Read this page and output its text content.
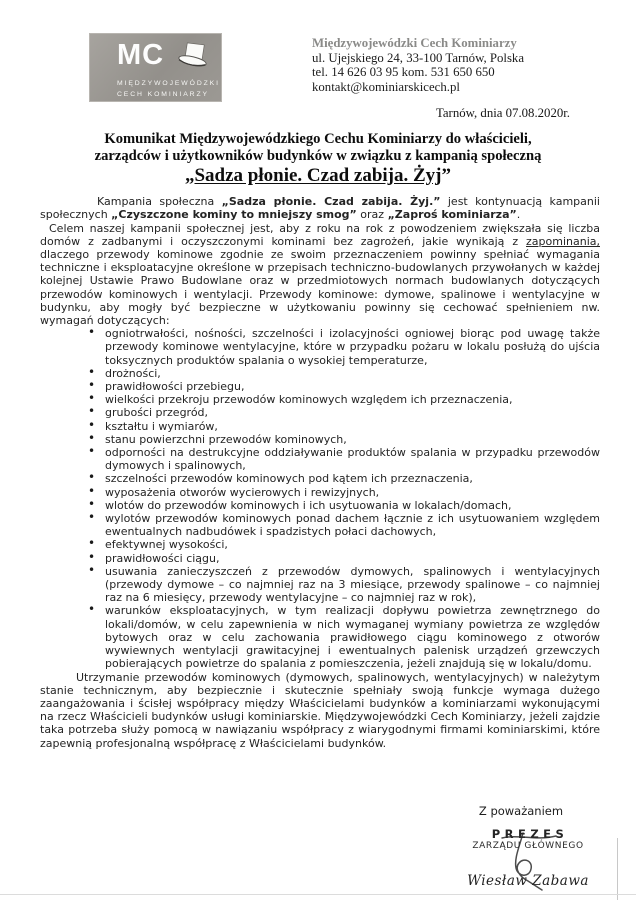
MC
MIĘDZYWOJEWÓDZKI
CECH KOMINIARZY
Międzywojewódzki Cech Kominiarzy
ul. Ujejskiego 24, 33-100 Tarnów, Polska
tel. 14 626 03 95 kom. 531 650 650
kontakt@kominiarskicech.pl
Tarnów, dnia 07.08.2020r.
Komunikat Międzywojewódzkiego Cechu Kominiarzy do właścicieli,
zarządców i użytkowników budynków w związku z kampanią społeczną
„Sadza płonie. Czad zabija. Żyj”

Kampania społeczna „Sadza płonie. Czad zabija. Żyj.” jest kontynuacją kampanii społecznych „Czyszczone kominy to mniejszy smog” oraz „Zaproś kominiarza”.

Celem naszej kampanii społecznej jest, aby z roku na rok z powodzeniem zwiększała się liczba domów z zadbanymi i oczyszczonymi kominami bez zagrożeń, jakie wynikają z zapominania, dlaczego przewody kominowe zgodnie ze swoim przeznaczeniem powinny spełniać wymagania techniczne i eksploatacyjne określone w przepisach techniczno-budowlanych przywołanych w każdej kolejnej Ustawie Prawo Budowlane oraz w przedmiotowych normach budowlanych dotyczących przewodów kominowych i wentylacji. Przewody kominowe: dymowe, spalinowe i wentylacyjne w budynku, aby mogły być bezpieczne w użytkowaniu powinny się cechować spełnieniem nw. wymagań dotyczących:

• ogniotrwałości, nośności, szczelności i izolacyjności ogniowej biorąc pod uwagę także przewody kominowe wentylacyjne, które w przypadku pożaru w lokalu posłużą do ujścia toksycznych produktów spalania o wysokiej temperaturze,
• drożności,
• prawidłowości przebiegu,
• wielkości przekroju przewodów kominowych względem ich przeznaczenia,
• grubości przegród,
• kształtu i wymiarów,
• stanu powierzchni przewodów kominowych,
• odporności na destrukcyjne oddziaływanie produktów spalania w przypadku przewodów dymowych i spalinowych,
• szczelności przewodów kominowych pod kątem ich przeznaczenia,
• wyposażenia otworów wycierowych i rewizyjnych,
• wlotów do przewodów kominowych i ich usytuowania w lokalach/domach,
• wylotów przewodów kominowych ponad dachem łącznie z ich usytuowaniem względem ewentualnych nadbudówek i spadzistych połaci dachowych,
• efektywnej wysokości,
• prawidłowości ciągu,
• usuwania zanieczyszczeń z przewodów dymowych, spalinowych i wentylacyjnych (przewody dymowe – co najmniej raz na 3 miesiące, przewody spalinowe – co najmniej raz na 6 miesięcy, przewody wentylacyjne – co najmniej raz w rok),
• warunków eksploatacyjnych, w tym realizacji dopływu powietrza zewnętrznego do lokali/domów, w celu zapewnienia w nich wymaganej wymiany powietrza ze względów bytowych oraz w celu zachowania prawidłowego ciągu kominowego z otworów wywiewnych wentylacji grawitacyjnej i ewentualnych palenisk urządzeń grzewczych pobierających powietrze do spalania z pomieszczenia, jeżeli znajdują się w lokalu/domu.

Utrzymanie przewodów kominowych (dymowych, spalinowych, wentylacyjnych) w należytym stanie technicznym, aby bezpiecznie i skutecznie spełniały swoją funkcje wymaga dużego zaangażowania i ścisłej współpracy między Właścicielami budynków a kominiarzami wykonującymi na rzecz Właścicieli budynków usługi kominiarskie. Międzywojewódzki Cech Kominiarzy, jeżeli zajdzie taka potrzeba służy pomocą w nawiązaniu współpracy z wiarygodnymi firmami kominiarskimi, które zapewnią profesjonalną współpracę z Właścicielami budynków.

Z poważaniem
PREZES
ZARZĄDU GŁÓWNEGO
Wiesław Zabawa
